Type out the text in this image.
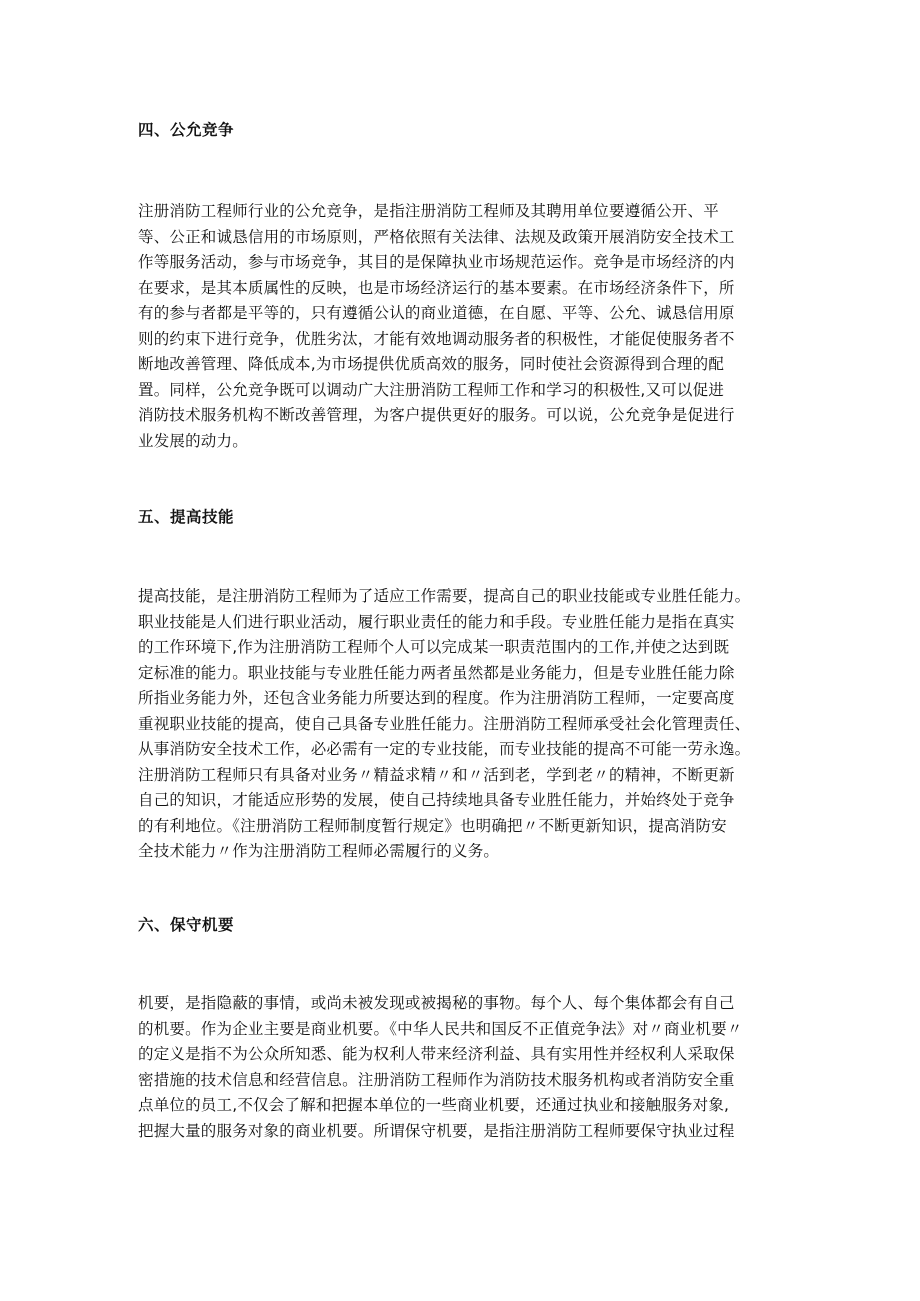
四、公允竞争
注册消防工程师行业的公允竞争，是指注册消防工程师及其聘用单位要遵循公开、平
等、公正和诚恳信用的市场原则，严格依照有关法律、法规及政策开展消防安全技术工
作等服务活动，参与市场竞争，其目的是保障执业市场规范运作。竞争是市场经济的内
在要求，是其本质属性的反映，也是市场经济运行的基本要素。在市场经济条件下，所
有的参与者都是平等的，只有遵循公认的商业道德，在自愿、平等、公允、诚恳信用原
则的约束下进行竞争，优胜劣汰，才能有效地调动服务者的积极性，才能促使服务者不
断地改善管理、降低成本,为市场提供优质高效的服务，同时使社会资源得到合理的配
置。同样，公允竞争既可以调动广大注册消防工程师工作和学习的积极性,又可以促进
消防技术服务机构不断改善管理，为客户提供更好的服务。可以说，公允竞争是促进行
业发展的动力。
五、提高技能
提高技能，是注册消防工程师为了适应工作需要，提高自己的职业技能或专业胜任能力。
职业技能是人们进行职业活动，履行职业责任的能力和手段。专业胜任能力是指在真实
的工作环境下,作为注册消防工程师个人可以完成某一职责范围内的工作,并使之达到既
定标准的能力。职业技能与专业胜任能力两者虽然都是业务能力，但是专业胜任能力除
所指业务能力外，还包含业务能力所要达到的程度。作为注册消防工程师，一定要高度
重视职业技能的提高，使自己具备专业胜任能力。注册消防工程师承受社会化管理责任、
从事消防安全技术工作，必必需有一定的专业技能，而专业技能的提高不可能一劳永逸。
注册消防工程师只有具备对业务〃精益求精〃和〃活到老，学到老〃的精神，不断更新
自己的知识，才能适应形势的发展，使自己持续地具备专业胜任能力，并始终处于竞争
的有利地位。《注册消防工程师制度暂行规定》也明确把〃不断更新知识，提高消防安
全技术能力〃作为注册消防工程师必需履行的义务。
六、保守机要
机要，是指隐蔽的事情，或尚未被发现或被揭秘的事物。每个人、每个集体都会有自己
的机要。作为企业主要是商业机要。《中华人民共和国反不正值竞争法》对〃商业机要〃
的定义是指不为公众所知悉、能为权利人带来经济利益、具有实用性并经权利人采取保
密措施的技术信息和经营信息。注册消防工程师作为消防技术服务机构或者消防安全重
点单位的员工,不仅会了解和把握本单位的一些商业机要，还通过执业和接触服务对象,
把握大量的服务对象的商业机要。所谓保守机要，是指注册消防工程师要保守执业过程
